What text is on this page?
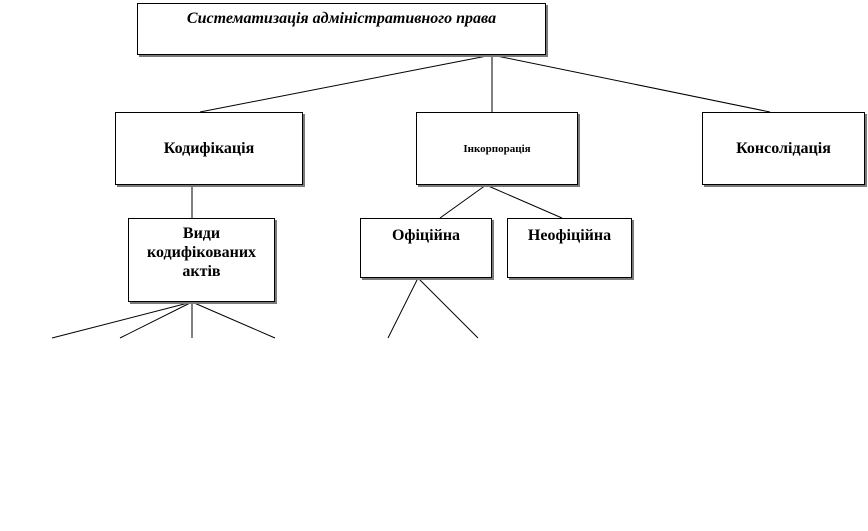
Систематизація адміністративного права
Кодифікація	Інкорпорація	Консолідація
Види кодифікованих актів
Офіційна	Неофіційна
